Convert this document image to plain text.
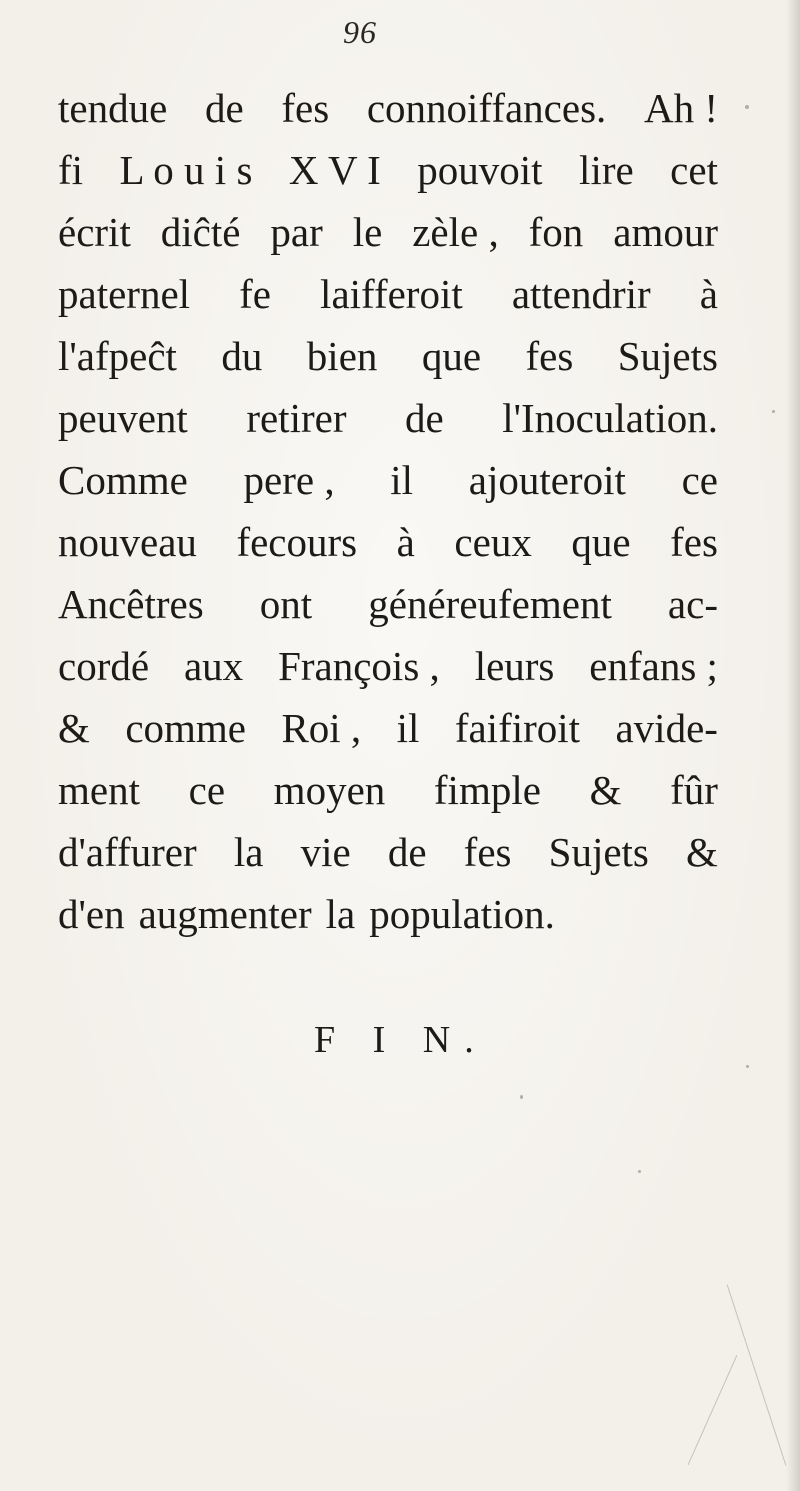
96
tendue de fes connoiffances. Ah !
fi L o u i s X V I pouvoit lire cet
écrit diĉté par le zèle , fon amour
paternel fe laifferoit attendrir à
l'afpeĉt du bien que fes Sujets
peuvent retirer de l'Inoculation.
Comme pere , il ajouteroit ce
nouveau fecours à ceux que fes
Ancêtres ont généreufement ac-
cordé aux François , leurs enfans ;
& comme Roi , il faifiroit avide-
ment ce moyen fimple & fûr
d'affurer la vie de fes Sujets &
d'en augmenter la population.
F I N.
